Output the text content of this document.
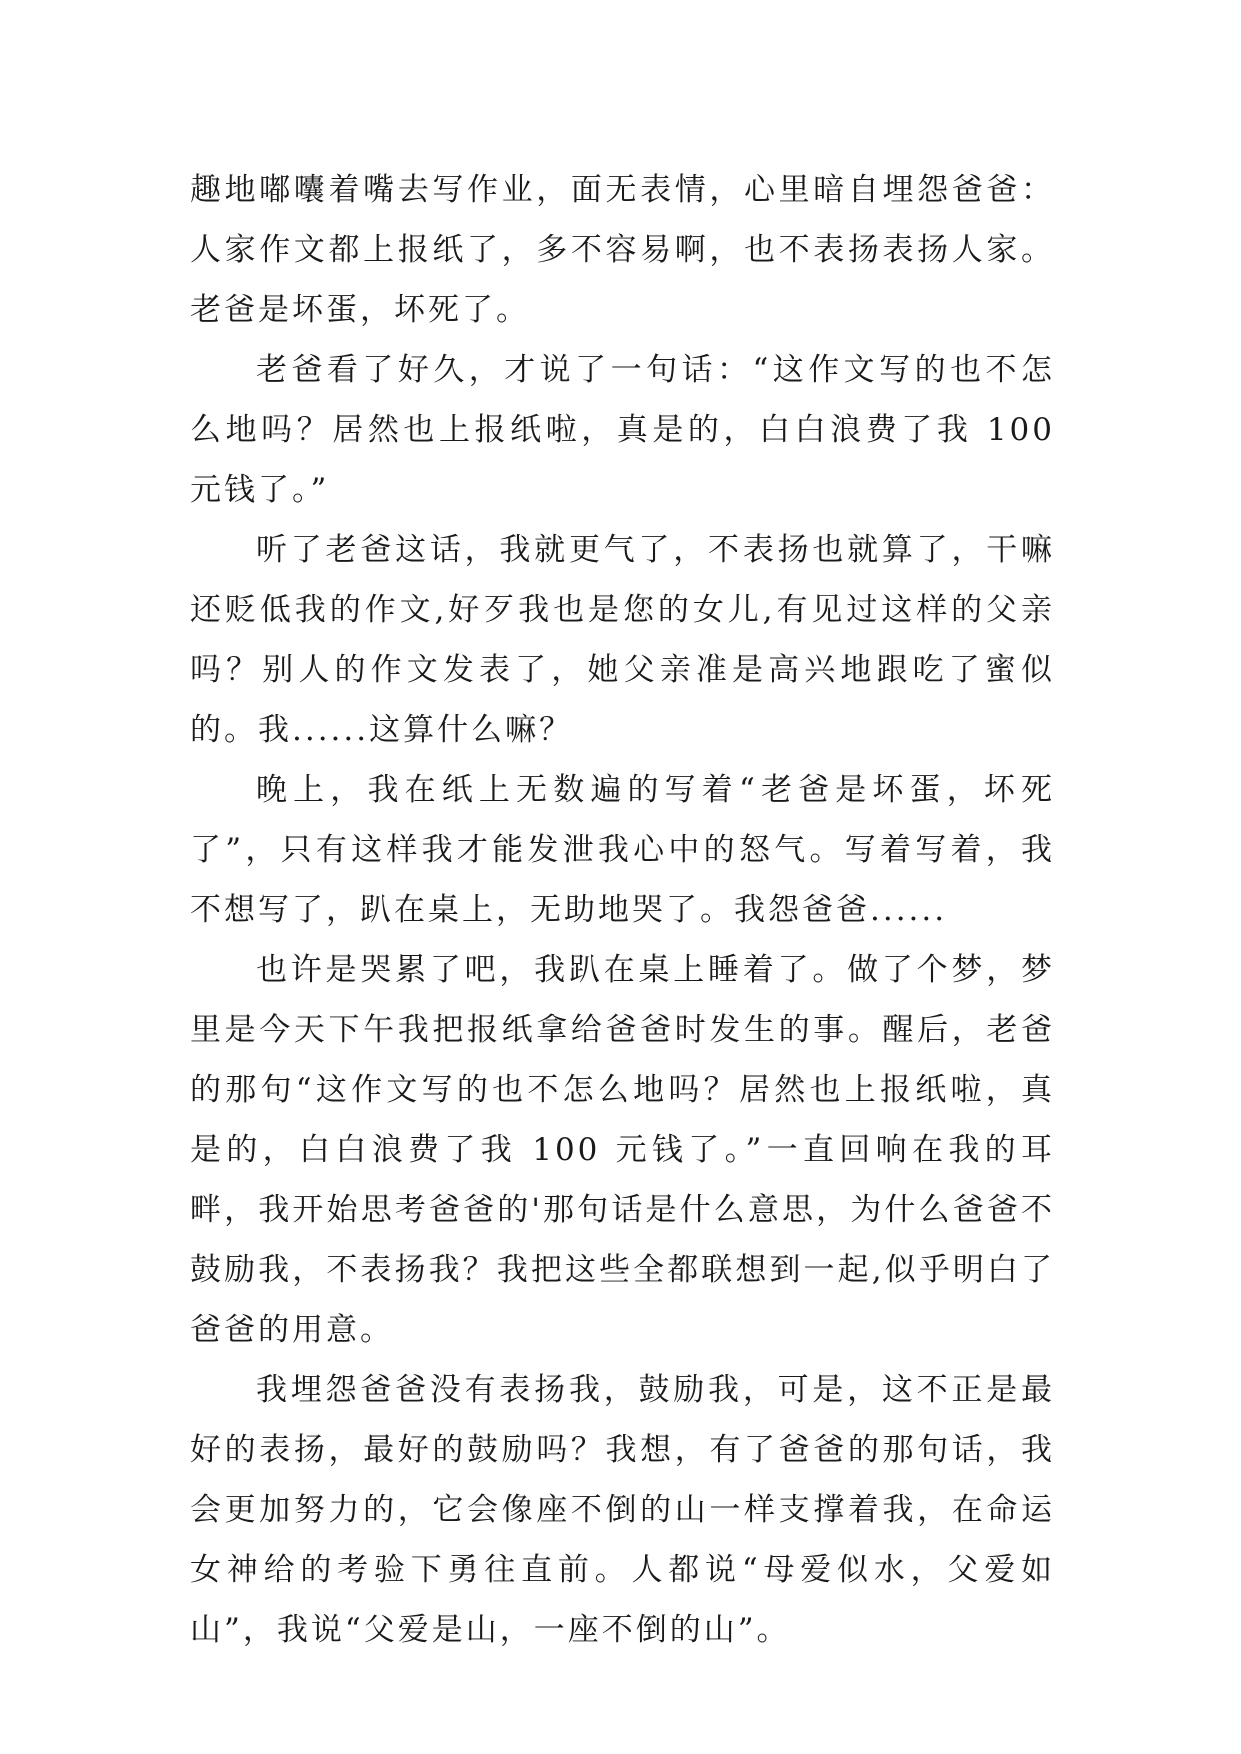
趣地嘟囔着嘴去写作业，面无表情，心里暗自埋怨爸爸：人家作文都上报纸了，多不容易啊，也不表扬表扬人家。老爸是坏蛋，坏死了。

老爸看了好久，才说了一句话：“这作文写的也不怎么地吗？居然也上报纸啦，真是的，白白浪费了我 100 元钱了。”

听了老爸这话，我就更气了，不表扬也就算了，干嘛还贬低我的作文,好歹我也是您的女儿,有见过这样的父亲吗？别人的作文发表了，她父亲准是高兴地跟吃了蜜似的。我......这算什么嘛？

晚上，我在纸上无数遍的写着“老爸是坏蛋，坏死了”，只有这样我才能发泄我心中的怒气。写着写着，我不想写了，趴在桌上，无助地哭了。我怨爸爸......

也许是哭累了吧，我趴在桌上睡着了。做了个梦，梦里是今天下午我把报纸拿给爸爸时发生的事。醒后，老爸的那句“这作文写的也不怎么地吗？居然也上报纸啦，真是的，白白浪费了我 100 元钱了。”一直回响在我的耳畔，我开始思考爸爸的'那句话是什么意思，为什么爸爸不鼓励我，不表扬我？我把这些全都联想到一起,似乎明白了爸爸的用意。

我埋怨爸爸没有表扬我，鼓励我，可是，这不正是最好的表扬，最好的鼓励吗？我想，有了爸爸的那句话，我会更加努力的，它会像座不倒的山一样支撑着我，在命运女神给的考验下勇往直前。人都说“母爱似水，父爱如山”，我说“父爱是山，一座不倒的山”。
